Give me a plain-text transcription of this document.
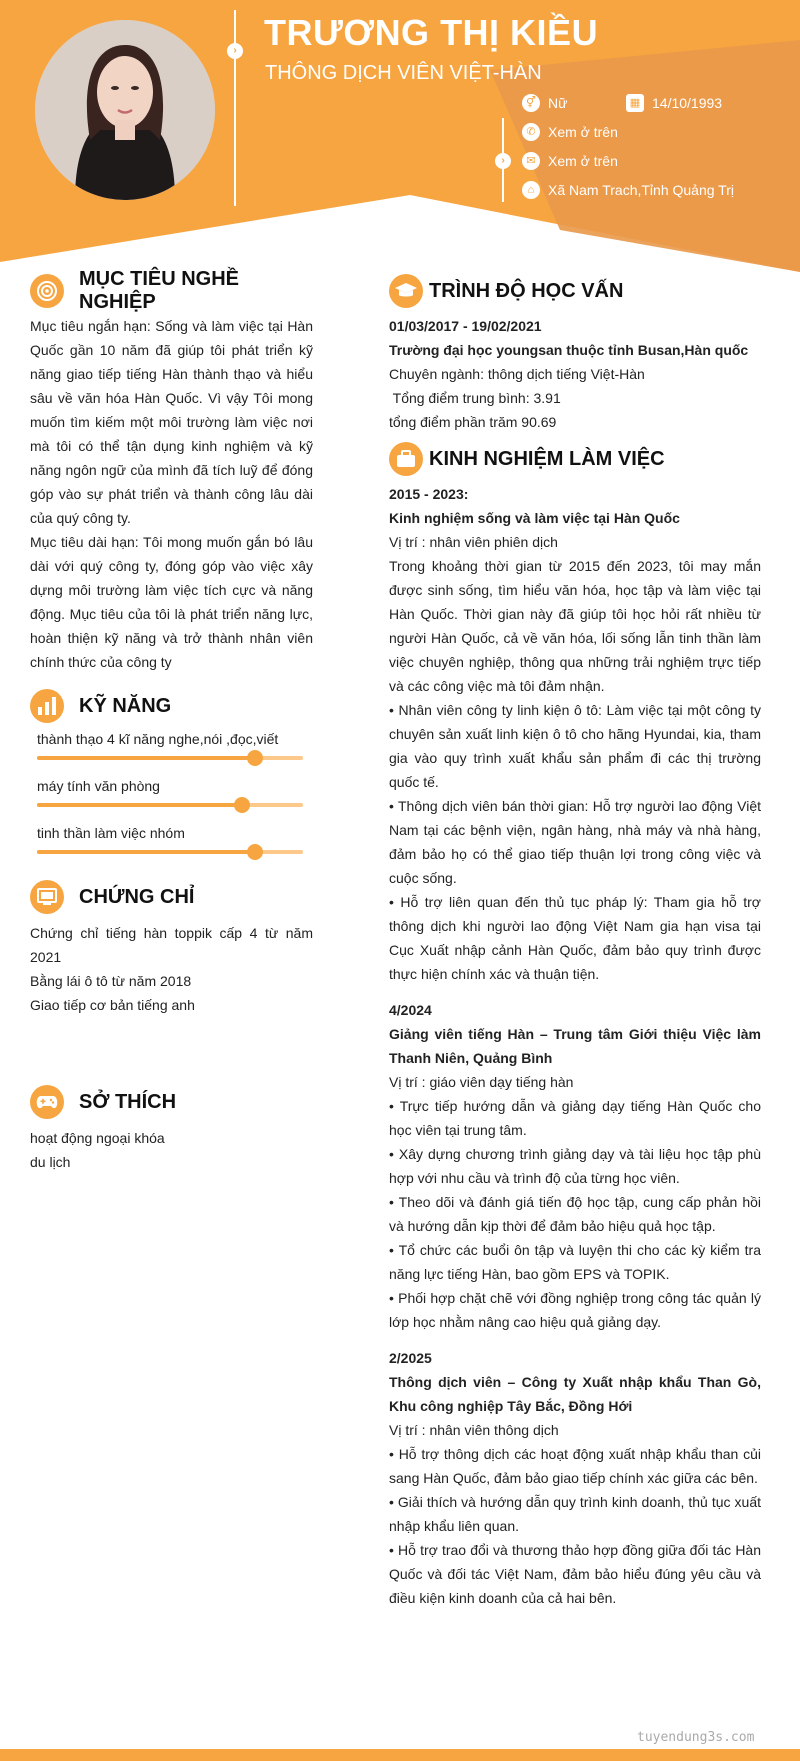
› TRƯƠNG THỊ KIỀU
THÔNG DỊCH VIÊN VIỆT-HÀN
›
⚥ Nữ	▦ 14/10/1993
✆ Xem ở trên
✉ Xem ở trên
⌂ Xã Nam Trach,Tỉnh Quảng Trị
MỤC TIÊU NGHỀ NGHIỆP

Mục tiêu ngắn hạn: Sống và làm việc tại Hàn Quốc gần 10 năm đã giúp tôi phát triển kỹ năng giao tiếp tiếng Hàn thành thạo và hiểu sâu về văn hóa Hàn Quốc. Vì vậy Tôi mong muốn tìm kiếm một môi trường làm việc nơi mà tôi có thể tận dụng kinh nghiệm và kỹ năng ngôn ngữ của mình đã tích luỹ để đóng góp vào sự phát triển và thành công lâu dài của quý công ty.

Mục tiêu dài hạn: Tôi mong muốn gắn bó lâu dài với quý công ty, đóng góp vào việc xây dựng môi trường làm việc tích cực và năng động. Mục tiêu của tôi là phát triển năng lực, hoàn thiện kỹ năng và trở thành nhân viên chính thức của công ty

KỸ NĂNG
thành thạo 4 kĩ năng nghe,nói ,đọc,viết
máy tính văn phòng
tinh thần làm việc nhóm
CHỨNG CHỈ

Chứng chỉ tiếng hàn toppik cấp 4 từ năm 2021

Bằng lái ô tô từ năm 2018

Giao tiếp cơ bản tiếng anh

SỞ THÍCH

hoạt động ngoại khóa

du lịch

TRÌNH ĐỘ HỌC VẤN

01/03/2017 - 19/02/2021

Trường đại học youngsan thuộc tỉnh Busan,Hàn quốc

Chuyên ngành: thông dịch tiếng Việt-Hàn

Tổng điểm trung bình: 3.91

tổng điểm phần trăm 90.69

KINH NGHIỆM LÀM VIỆC

2015 - 2023:

Kinh nghiệm sống và làm việc tại Hàn Quốc

Vị trí : nhân viên phiên dịch

Trong khoảng thời gian từ 2015 đến 2023, tôi may mắn được sinh sống, tìm hiểu văn hóa, học tập và làm việc tại Hàn Quốc. Thời gian này đã giúp tôi học hỏi rất nhiều từ người Hàn Quốc, cả về văn hóa, lối sống lẫn tinh thần làm việc chuyên nghiệp, thông qua những trải nghiệm trực tiếp và các công việc mà tôi đảm nhận.

• Nhân viên công ty linh kiện ô tô: Làm việc tại một công ty chuyên sản xuất linh kiện ô tô cho hãng Hyundai, kia, tham gia vào quy trình xuất khẩu sản phẩm đi các thị trường quốc tế.

• Thông dịch viên bán thời gian: Hỗ trợ người lao động Việt Nam tại các bệnh viện, ngân hàng, nhà máy và nhà hàng, đảm bảo họ có thể giao tiếp thuận lợi trong công việc và cuộc sống.

• Hỗ trợ liên quan đến thủ tục pháp lý: Tham gia hỗ trợ thông dịch khi người lao động Việt Nam gia hạn visa tại Cục Xuất nhập cảnh Hàn Quốc, đảm bảo quy trình được thực hiện chính xác và thuận tiện.

4/2024

Giảng viên tiếng Hàn – Trung tâm Giới thiệu Việc làm Thanh Niên, Quảng Bình

Vị trí : giáo viên dạy tiếng hàn

• Trực tiếp hướng dẫn và giảng dạy tiếng Hàn Quốc cho học viên tại trung tâm.

• Xây dựng chương trình giảng dạy và tài liệu học tập phù hợp với nhu cầu và trình độ của từng học viên.

• Theo dõi và đánh giá tiến độ học tập, cung cấp phản hồi và hướng dẫn kịp thời để đảm bảo hiệu quả học tập.

• Tổ chức các buổi ôn tập và luyện thi cho các kỳ kiểm tra năng lực tiếng Hàn, bao gồm EPS và TOPIK.

• Phối hợp chặt chẽ với đồng nghiệp trong công tác quản lý lớp học nhằm nâng cao hiệu quả giảng dạy.

2/2025

Thông dịch viên – Công ty Xuất nhập khẩu Than Gò, Khu công nghiệp Tây Bắc, Đồng Hới

Vị trí : nhân viên thông dịch

• Hỗ trợ thông dịch các hoạt động xuất nhập khẩu than củi sang Hàn Quốc, đảm bảo giao tiếp chính xác giữa các bên.

• Giải thích và hướng dẫn quy trình kinh doanh, thủ tục xuất nhập khẩu liên quan.

• Hỗ trợ trao đổi và thương thảo hợp đồng giữa đối tác Hàn Quốc và đối tác Việt Nam, đảm bảo hiểu đúng yêu cầu và điều kiện kinh doanh của cả hai bên.

tuyendung3s.com
